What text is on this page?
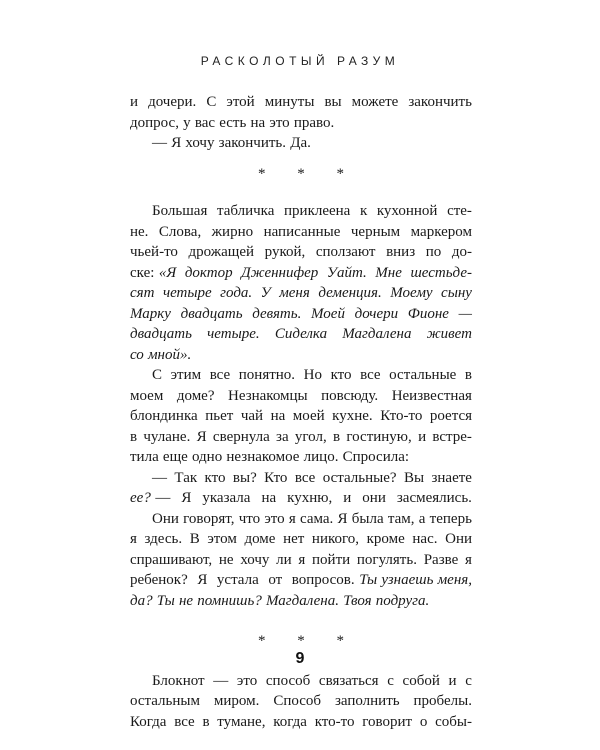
РАСКОЛОТЫЙ РАЗУМ
и дочери. С этой минуты вы можете закончить
допрос, у вас есть на это право.
— Я хочу закончить. Да.
* * *
Большая табличка приклеена к кухонной сте-
не. Слова, жирно написанные черным маркером
чьей-то дрожащей рукой, сползают вниз по до-
ске: «Я доктор Дженнифер Уайт. Мне шестьде-
сят четыре года. У меня деменция. Моему сыну
Марку двадцать девять. Моей дочери Фионе —
двадцать четыре. Сиделка Магдалена живет
со мной».
С этим все понятно. Но кто все остальные в
моем доме? Незнакомцы повсюду. Неизвестная
блондинка пьет чай на моей кухне. Кто-то роется
в чулане. Я свернула за угол, в гостиную, и встре-
тила еще одно незнакомое лицо. Спросила:
— Так кто вы? Кто все остальные? Вы знаете
ее? — Я указала на кухню, и они засмеялись.
Они говорят, что это я сама. Я была там, а теперь
я здесь. В этом доме нет никого, кроме нас. Они
спрашивают, не хочу ли я пойти погулять. Разве я
ребенок? Я устала от вопросов. Ты узнаешь меня,
да? Ты не помнишь? Магдалена. Твоя подруга.
* * *
Блокнот — это способ связаться с собой и с
остальным миром. Способ заполнить пробелы.
Когда все в тумане, когда кто-то говорит о собы-
9
